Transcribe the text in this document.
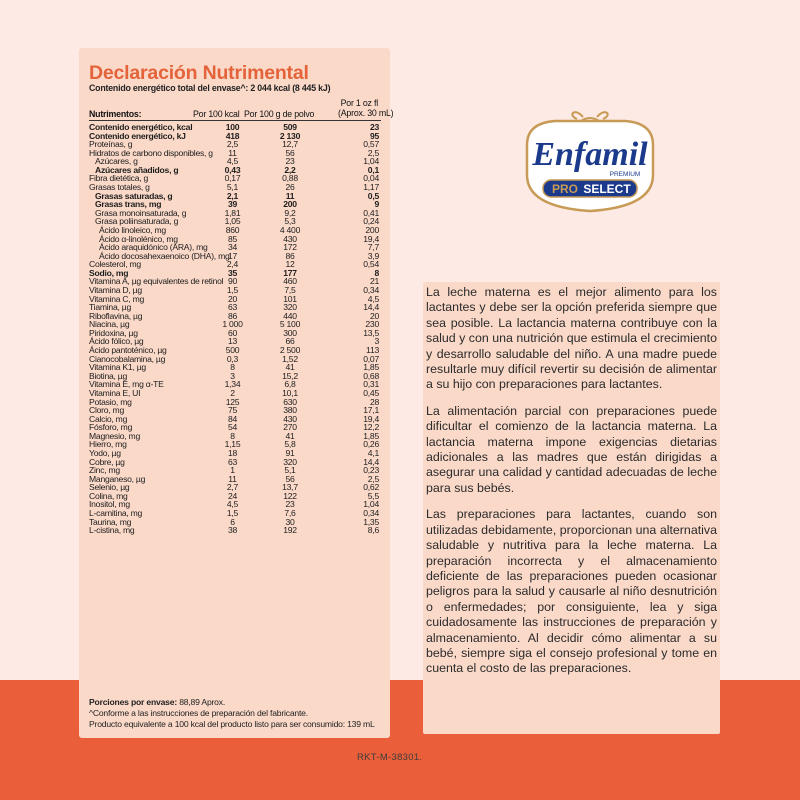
Declaración Nutrimental
Contenido energético total del envase^: 2 044 kcal (8 445 kJ)
Nutrimentos:	Por 100 kcal Por 100 g de polvo
Por 1 oz fl
(Aprox. 30 mL)
Contenido energético, kcal	100	509	23
Contenido energético, kJ	418	2 130	95
Proteínas, g	2,5	12,7	0,57
Hidratos de carbono disponibles, g	11	56	2,5
Azúcares, g	4,5	23	1,04
Azúcares añadidos, g	0,43	2,2	0,1
Fibra dietética, g	0,17	0,88	0,04
Grasas totales, g	5,1	26	1,17
Grasas saturadas, g	2,1	11	0,5
Grasas trans, mg	39	200	9
Grasa monoinsaturada, g	1,81	9,2	0,41
Grasa poliinsaturada, g	1,05	5,3	0,24
Ácido linoleico, mg	860	4 400	200
Ácido α-linolénico, mg	85	430	19,4
Ácido araquidónico (ARA), mg	34	172	7,7
Ácido docosahexaenoico (DHA), mg	17	86	3,9
Colesterol, mg	2,4	12	0,54
Sodio, mg	35	177	8
Vitamina A, µg equivalentes de retinol	90	460	21
Vitamina D, µg	1,5	7,5	0,34
Vitamina C, mg	20	101	4,5
Tiamina, µg	63	320	14,4
Riboflavina, µg	86	440	20
Niacina, µg	1 000	5 100	230
Piridoxina, µg	60	300	13,5
Ácido fólico, µg	13	66	3
Ácido pantoténico, µg	500	2 500	113
Cianocobalamina, µg	0,3	1,52	0,07
Vitamina K1, µg	8	41	1,85
Biotina, µg	3	15,2	0,68
Vitamina E, mg α-TE	1,34	6,8	0,31
Vitamina E, UI	2	10,1	0,45
Potasio, mg	125	630	28
Cloro, mg	75	380	17,1
Calcio, mg	84	430	19,4
Fósforo, mg	54	270	12,2
Magnesio, mg	8	41	1,85
Hierro, mg	1,15	5,8	0,26
Yodo, µg	18	91	4,1
Cobre, µg	63	320	14,4
Zinc, mg	1	5,1	0,23
Manganeso, µg	11	56	2,5
Selenio, µg	2,7	13,7	0,62
Colina, mg	24	122	5,5
Inositol, mg	4,5	23	1,04
L-carnitina, mg	1,5	7,6	0,34
Taurina, mg	6	30	1,35
L-cistina, mg	38	192	8,6
Porciones por envase: 88,89 Aprox.
^Conforme a las instrucciones de preparación del fabricante.
Producto equivalente a 100 kcal del producto listo para ser consumido: 139 mL
Enfamil
PREMIUM
PRO SELECT

La leche materna es el mejor alimento para los lactantes y debe ser la opción preferida siempre que sea posible. La lactancia materna contribuye con la salud y con una nutrición que estimula el crecimiento y desarrollo saludable del niño. A una madre puede resultarle muy difícil revertir su decisión de alimentar a su hijo con preparaciones para lactantes.

La alimentación parcial con preparaciones puede dificultar el comienzo de la lactancia materna. La lactancia materna impone exigencias dietarias adicionales a las madres que están dirigidas a asegurar una calidad y cantidad adecuadas de leche para sus bebés.

Las preparaciones para lactantes, cuando son utilizadas debidamente, proporcionan una alternativa saludable y nutritiva para la leche materna. La preparación incorrecta y el almacenamiento deficiente de las preparaciones pueden ocasionar peligros para la salud y causarle al niño desnutrición o enfermedades; por consiguiente, lea y siga cuidadosamente las instrucciones de preparación y almacenamiento. Al decidir cómo alimentar a su bebé, siempre siga el consejo profesional y tome en cuenta el costo de las preparaciones.

RKT-M-38301.
